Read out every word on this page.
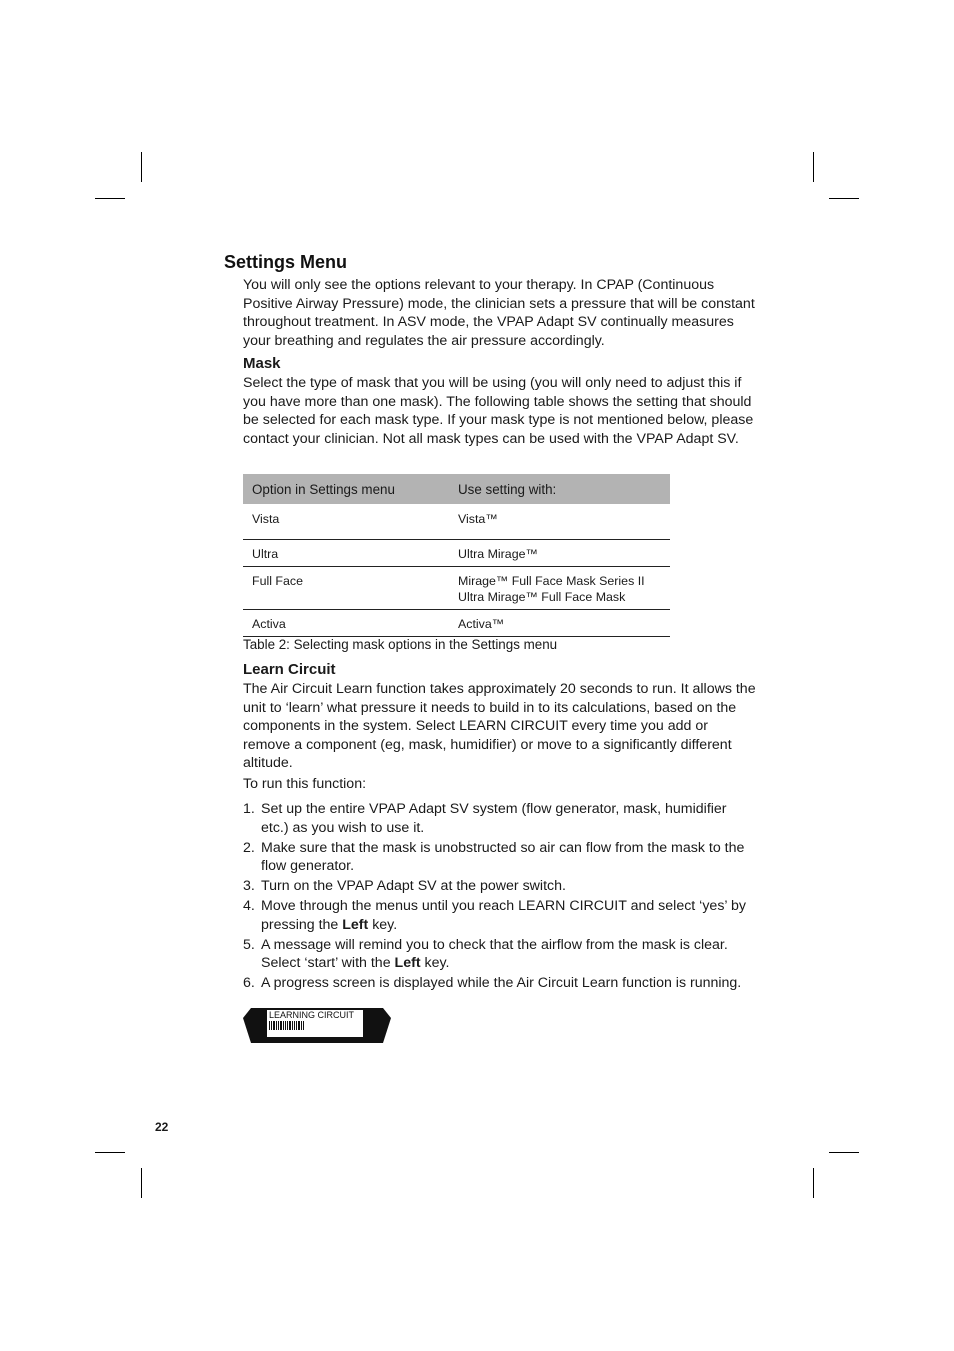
Settings Menu

You will only see the options relevant to your therapy. In CPAP (Continuous Positive Airway Pressure) mode, the clinician sets a pressure that will be constant throughout treatment. In ASV mode, the VPAP Adapt SV continually measures your breathing and regulates the air pressure accordingly.

Mask

Select the type of mask that you will be using (you will only need to adjust this if you have more than one mask). The following table shows the setting that should be selected for each mask type. If your mask type is not mentioned below, please contact your clinician. Not all mask types can be used with the VPAP Adapt SV.

Option in Settings menu	Use setting with:
Vista	Vista™
Ultra	Ultra Mirage™
Full Face	Mirage™ Full Face Mask Series II
Ultra Mirage™ Full Face Mask

Activa	Activa™
Table 2: Selecting mask options in the Settings menu
Learn Circuit

The Air Circuit Learn function takes approximately 20 seconds to run. It allows the unit to ‘learn’ what pressure it needs to build in to its calculations, based on the components in the system. Select LEARN CIRCUIT every time you add or remove a component (eg, mask, humidifier) or move to a significantly different altitude.

To run this function:

1. Set up the entire VPAP Adapt SV system (flow generator, mask, humidifier etc.) as you wish to use it.
2. Make sure that the mask is unobstructed so air can flow from the mask to the flow generator.
3. Turn on the VPAP Adapt SV at the power switch.
4. Move through the menus until you reach LEARN CIRCUIT and select ‘yes’ by pressing the Left key.
5. A message will remind you to check that the airflow from the mask is clear. Select ‘start’ with the Left key.
6. A progress screen is displayed while the Air Circuit Learn function is running.
LEARNING CIRCUIT
22
